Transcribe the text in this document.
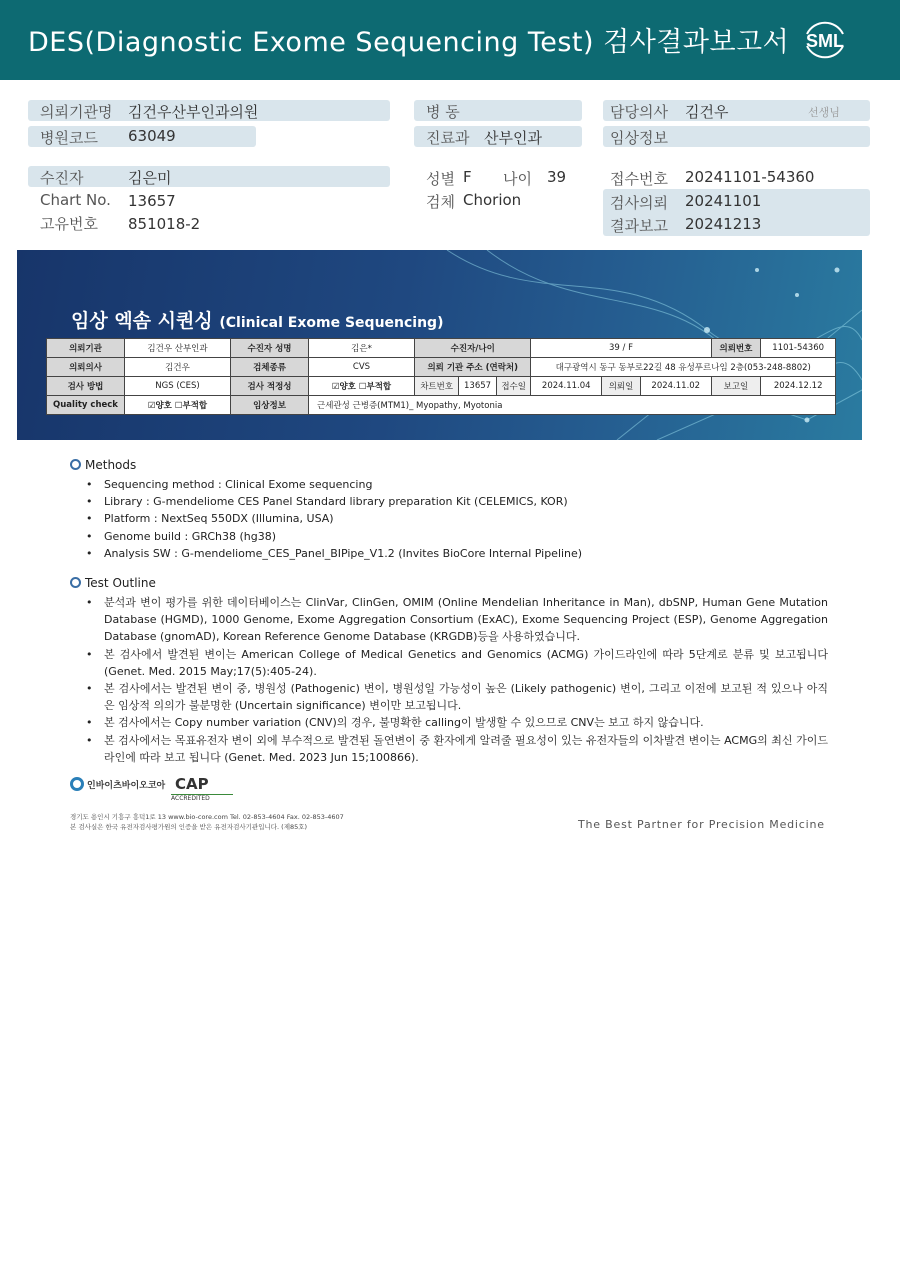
DES(Diagnostic Exome Sequencing Test) 검사결과보고서 SML
의뢰기관명 김건우산부인과의원
병원코드 63049
병 동
진료과 산부인과
담당의사 김건우	선생님
임상정보
수진자	김은미
Chart No. 13657
고유번호 851018-2
성별 F 나이 39
검체 Chorion
접수번호 20241101-54360
검사의뢰 20241101
결과보고 20241213
임상 엑솜 시퀀싱 (Clinical Exome Sequencing)
의뢰기관	김건우 산부인과	수진자 성명	김은*	수진자/나이			39 / F			의뢰번호	1101-54360
의뢰의사	김건우	검체종류	CVS	의뢰 기관 주소 (연락처)			대구광역시 동구 동부로22길 48 유성푸르나임 2층(053-248-8802)				
검사 방법	NGS (CES)	검사 적정성	☑양호 ☐부적합	차트번호	13657	접수일	2024.11.04	의뢰일	2024.11.02	보고일	2024.12.12
Quality check	☑양호 ☐부적합	임상정보	근세관성 근병증(MTM1)_ Myopathy, Myotonia								
Methods
• Sequencing method : Clinical Exome sequencing
• Library : G-mendeliome CES Panel Standard library preparation Kit (CELEMICS, KOR)
• Platform : NextSeq 550DX (Illumina, USA)
• Genome build : GRCh38 (hg38)
• Analysis SW : G-mendeliome_CES_Panel_BIPipe_V1.2 (Invites BioCore Internal Pipeline)
Test Outline
• 분석과 변이 평가를 위한 데이터베이스는 ClinVar, ClinGen, OMIM (Online Mendelian Inheritance in Man), dbSNP, Human Gene Mutation Database (HGMD), 1000 Genome, Exome Aggregation Consortium (ExAC), Exome Sequencing Project (ESP), Genome Aggregation Database (gnomAD), Korean Reference Genome Database (KRGDB)등을 사용하였습니다.
• 본 검사에서 발견된 변이는 American College of Medical Genetics and Genomics (ACMG) 가이드라인에 따라 5단계로 분류 및 보고됩니다 (Genet. Med. 2015 May;17(5):405-24).
• 본 검사에서는 발견된 변이 중, 병원성 (Pathogenic) 변이, 병원성일 가능성이 높은 (Likely pathogenic) 변이, 그리고 이전에 보고된 적 있으나 아직은 임상적 의의가 불분명한 (Uncertain significance) 변이만 보고됩니다.
• 본 검사에서는 Copy number variation (CNV)의 경우, 불명확한 calling이 발생할 수 있으므로 CNV는 보고 하지 않습니다.
• 본 검사에서는 목표유전자 변이 외에 부수적으로 발견된 돌연변이 중 환자에게 알려줄 필요성이 있는 유전자들의 이차발견 변이는 ACMG의 최신 가이드라인에 따라 보고 됩니다 (Genet. Med. 2023 Jun 15;100866).
인바이츠바이오코아 CAP
ACCREDITED
경기도 용인시 기흥구 흥덕1로 13 www.bio-core.com Tel. 02-853-4604 Fax. 02-853-4607
본 검사실은 한국 유전자검사평가원의 인증을 받은 유전자검사기관입니다. (제85호)	The Best Partner for Precision Medicine
